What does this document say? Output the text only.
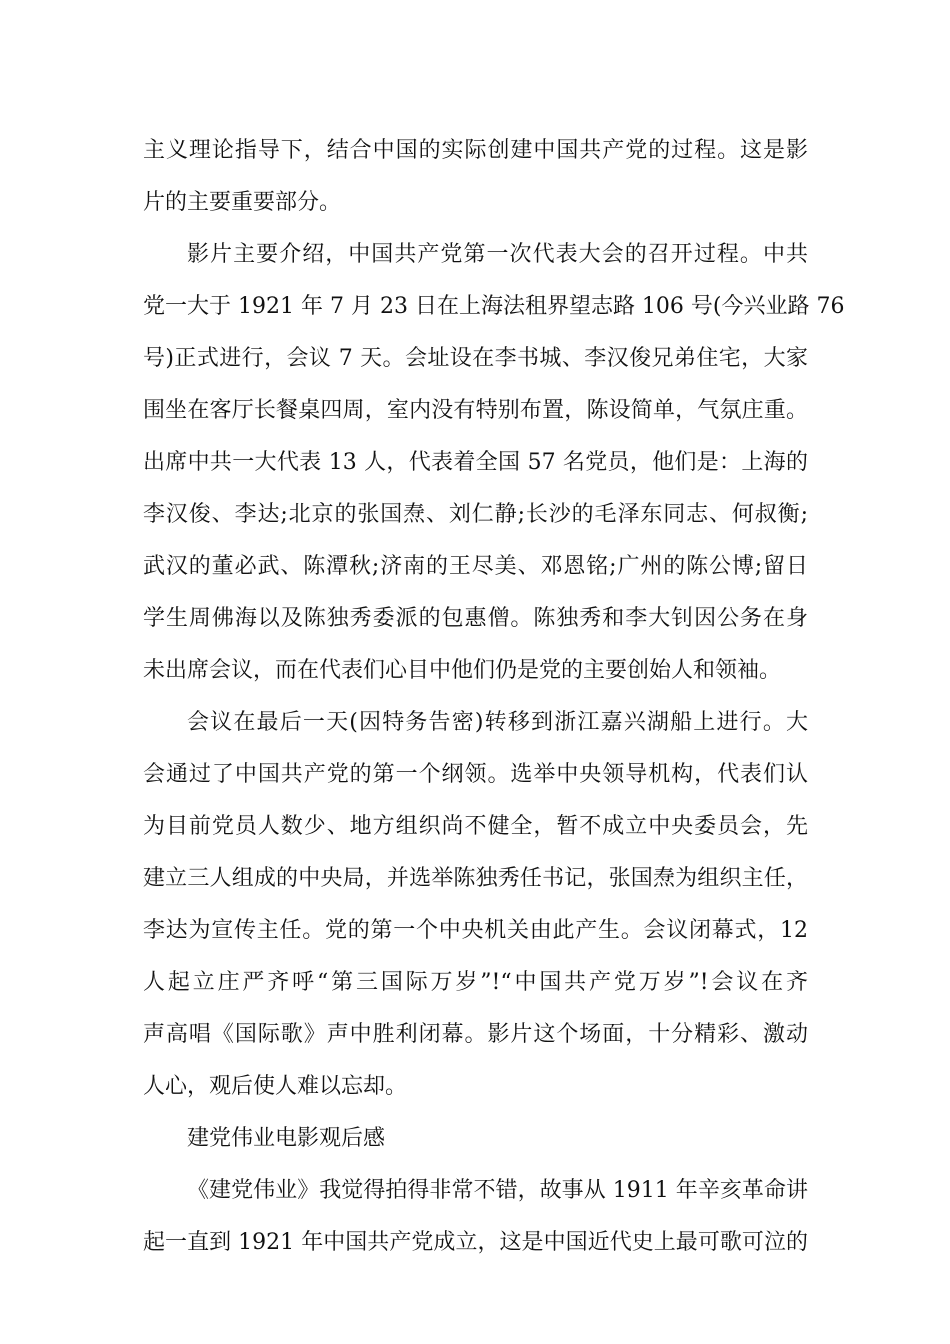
主义理论指导下，结合中国的实际创建中国共产党的过程。这是影
片的主要重要部分。
影片主要介绍，中国共产党第一次代表大会的召开过程。中共
党一大于 1921 年 7 月 23 日在上海法租界望志路 106 号(今兴业路 76
号)正式进行，会议 7 天。会址设在李书城、李汉俊兄弟住宅，大家
围坐在客厅长餐桌四周，室内没有特别布置，陈设简单，气氛庄重。
出席中共一大代表 13 人，代表着全国 57 名党员，他们是：上海的
李汉俊、李达;北京的张国焘、刘仁静;长沙的毛泽东同志、何叔衡;
武汉的董必武、陈潭秋;济南的王尽美、邓恩铭;广州的陈公博;留日
学生周佛海以及陈独秀委派的包惠僧。陈独秀和李大钊因公务在身
未出席会议，而在代表们心目中他们仍是党的主要创始人和领袖。
会议在最后一天(因特务告密)转移到浙江嘉兴湖船上进行。大
会通过了中国共产党的第一个纲领。选举中央领导机构，代表们认
为目前党员人数少、地方组织尚不健全，暂不成立中央委员会，先
建立三人组成的中央局，并选举陈独秀任书记，张国焘为组织主任，
李达为宣传主任。党的第一个中央机关由此产生。会议闭幕式，12
人起立庄严齐呼“第三国际万岁”!“中国共产党万岁”!会议在齐
声高唱《国际歌》声中胜利闭幕。影片这个场面，十分精彩、激动
人心，观后使人难以忘却。
建党伟业电影观后感
《建党伟业》我觉得拍得非常不错，故事从 1911 年辛亥革命讲
起一直到 1921 年中国共产党成立，这是中国近代史上最可歌可泣的
